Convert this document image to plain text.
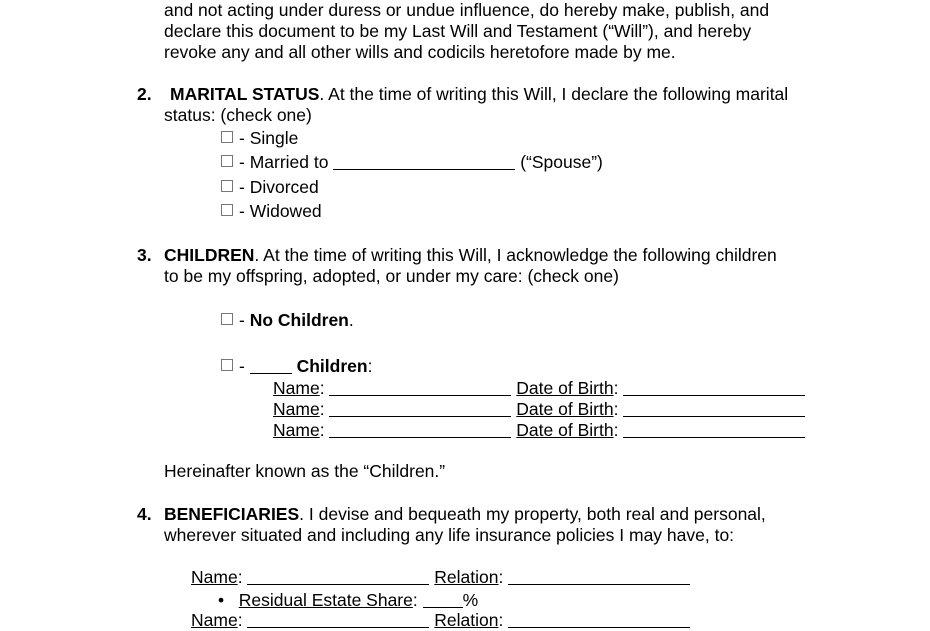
and not acting under duress or undue influence, do hereby make, publish, and
declare this document to be my Last Will and Testament (“Will”), and hereby
revoke any and all other wills and codicils heretofore made by me.
2. MARITAL STATUS. At the time of writing this Will, I declare the following marital
status: (check one)
- Single
- Married to	(“Spouse”)
- Divorced
- Widowed
3. CHILDREN. At the time of writing this Will, I acknowledge the following children
to be my offspring, adopted, or under my care: (check one)
- No Children.
-	Children:
Name:	Date of Birth:
Name:	Date of Birth:
Name:	Date of Birth:
Hereinafter known as the “Children.”
4. BENEFICIARIES. I devise and bequeath my property, both real and personal,
wherever situated and including any life insurance policies I may have, to:
Name:	Relation:
• Residual Estate Share: %
Name:	Relation:
